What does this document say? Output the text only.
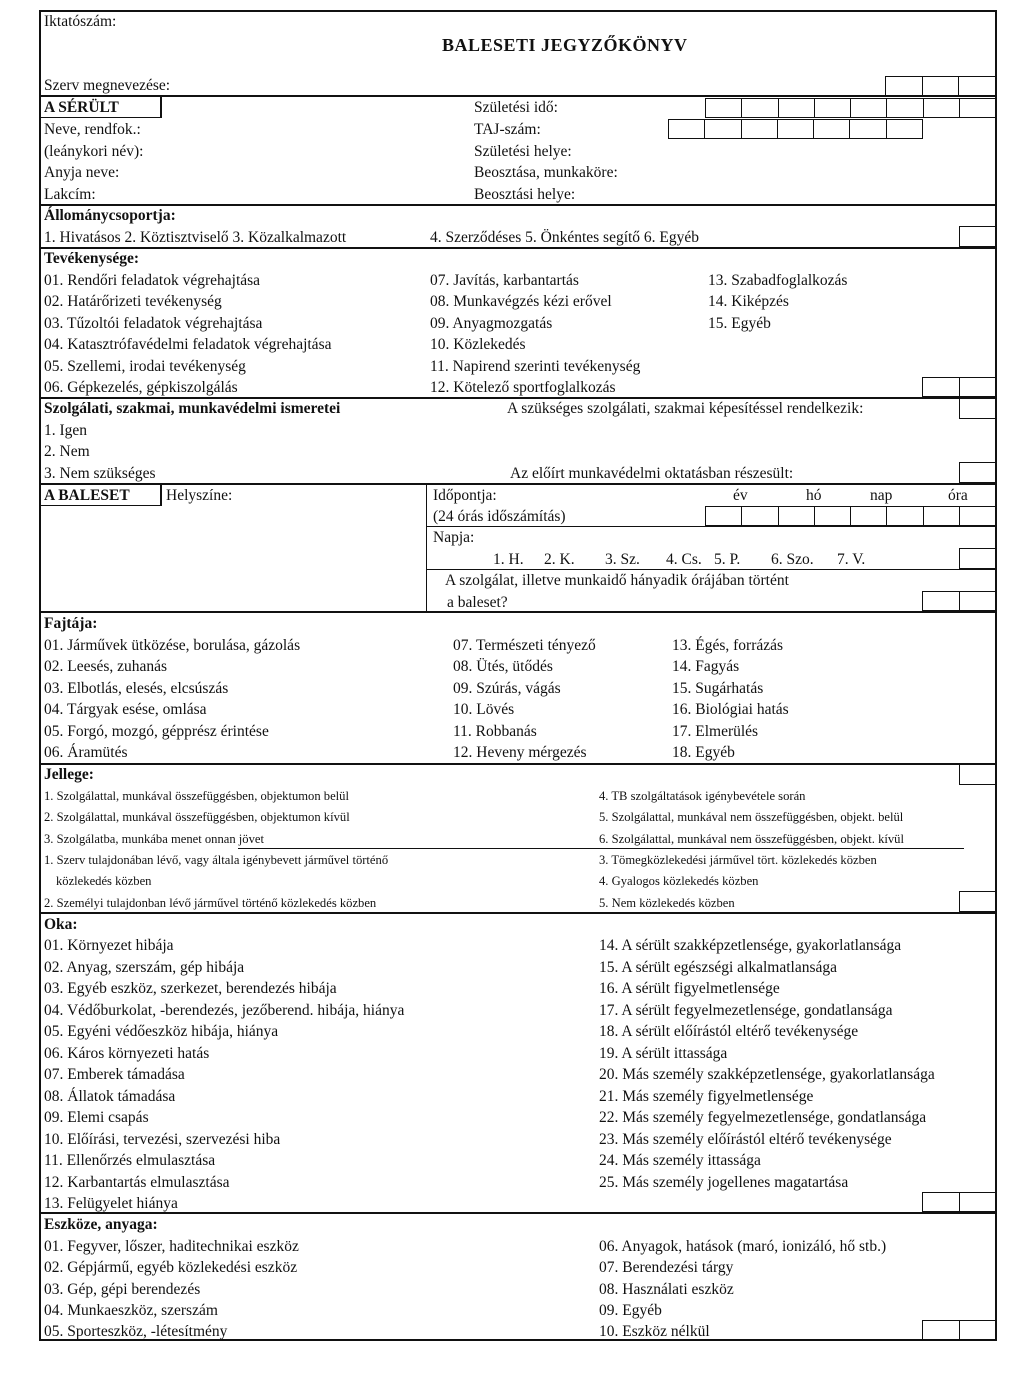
Iktatószám:
BALESETI JEGYZŐKÖNYV
Szerv megnevezése:
A SÉRÜLT
Neve, rendfok.:
(leánykori név):
Anyja neve:
Lakcím:
Születési idő:
TAJ-szám:
Születési helye:
Beosztása, munkaköre:
Beosztási helye:
Állománycsoportja:
1. Hivatásos 2. Köztisztviselő 3. Közalkalmazott	4. Szerződéses 5. Önkéntes segítő 6. Egyéb
Tevékenysége:
01. Rendőri feladatok végrehajtása
02. Határőrizeti tevékenység
03. Tűzoltói feladatok végrehajtása
04. Katasztrófavédelmi feladatok végrehajtása
05. Szellemi, irodai tevékenység
06. Gépkezelés, gépkiszolgálás
07. Javítás, karbantartás
08. Munkavégzés kézi erővel
09. Anyagmozgatás
10. Közlekedés
11. Napirend szerinti tevékenység
12. Kötelező sportfoglalkozás
13. Szabadfoglalkozás
14. Kiképzés
15. Egyéb
Szolgálati, szakmai, munkavédelmi ismeretei	A szükséges szolgálati, szakmai képesítéssel rendelkezik:
1. Igen
2. Nem
3. Nem szükséges	Az előírt munkavédelmi oktatásban részesült:
A BALESET Helyszíne:	Időpontja:	év	hó	nap	óra
(24 órás időszámítás)
Napja:
1. H. 2. K. 3. Sz. 4. Cs. 5. P. 6. Szo. 7. V.
A szolgálat, illetve munkaidő hányadik órájában történt
a baleset?
Fajtája:
01. Járművek ütközése, borulása, gázolás
02. Leesés, zuhanás
03. Elbotlás, elesés, elcsúszás
04. Tárgyak esése, omlása
05. Forgó, mozgó, gépprész érintése
06. Áramütés
07. Természeti tényező
08. Ütés, ütődés
09. Szúrás, vágás
10. Lövés
11. Robbanás
12. Heveny mérgezés
13. Égés, forrázás
14. Fagyás
15. Sugárhatás
16. Biológiai hatás
17. Elmerülés
18. Egyéb
Jellege:
1. Szolgálattal, munkával összefüggésben, objektumon belül
2. Szolgálattal, munkával összefüggésben, objektumon kívül
3. Szolgálatba, munkába menet onnan jövet
4. TB szolgáltatások igénybevétele során
5. Szolgálattal, munkával nem összefüggésben, objekt. belül
6. Szolgálattal, munkával nem összefüggésben, objekt. kívül
1. Szerv tulajdonában lévő, vagy általa igénybevett járművel történő
közlekedés közben
2. Személyi tulajdonban lévő járművel történő közlekedés közben
3. Tömegközlekedési járművel tört. közlekedés közben
4. Gyalogos közlekedés közben
5. Nem közlekedés közben
Oka:
01. Környezet hibája
02. Anyag, szerszám, gép hibája
03. Egyéb eszköz, szerkezet, berendezés hibája
04. Védőburkolat, -berendezés, jezőberend. hibája, hiánya
05. Egyéni védőeszköz hibája, hiánya
06. Káros környezeti hatás
07. Emberek támadása
08. Állatok támadása
09. Elemi csapás
10. Előírási, tervezési, szervezési hiba
11. Ellenőrzés elmulasztása
12. Karbantartás elmulasztása
13. Felügyelet hiánya
14. A sérült szakképzetlensége, gyakorlatlansága
15. A sérült egészségi alkalmatlansága
16. A sérült figyelmetlensége
17. A sérült fegyelmezetlensége, gondatlansága
18. A sérült előírástól eltérő tevékenysége
19. A sérült ittassága
20. Más személy szakképzetlensége, gyakorlatlansága
21. Más személy figyelmetlensége
22. Más személy fegyelmezetlensége, gondatlansága
23. Más személy előírástól eltérő tevékenysége
24. Más személy ittassága
25. Más személy jogellenes magatartása
Eszköze, anyaga:
01. Fegyver, lőszer, haditechnikai eszköz
02. Gépjármű, egyéb közlekedési eszköz
03. Gép, gépi berendezés
04. Munkaeszköz, szerszám
05. Sporteszköz, -létesítmény
06. Anyagok, hatások (maró, ionizáló, hő stb.)
07. Berendezési tárgy
08. Használati eszköz
09. Egyéb
10. Eszköz nélkül
